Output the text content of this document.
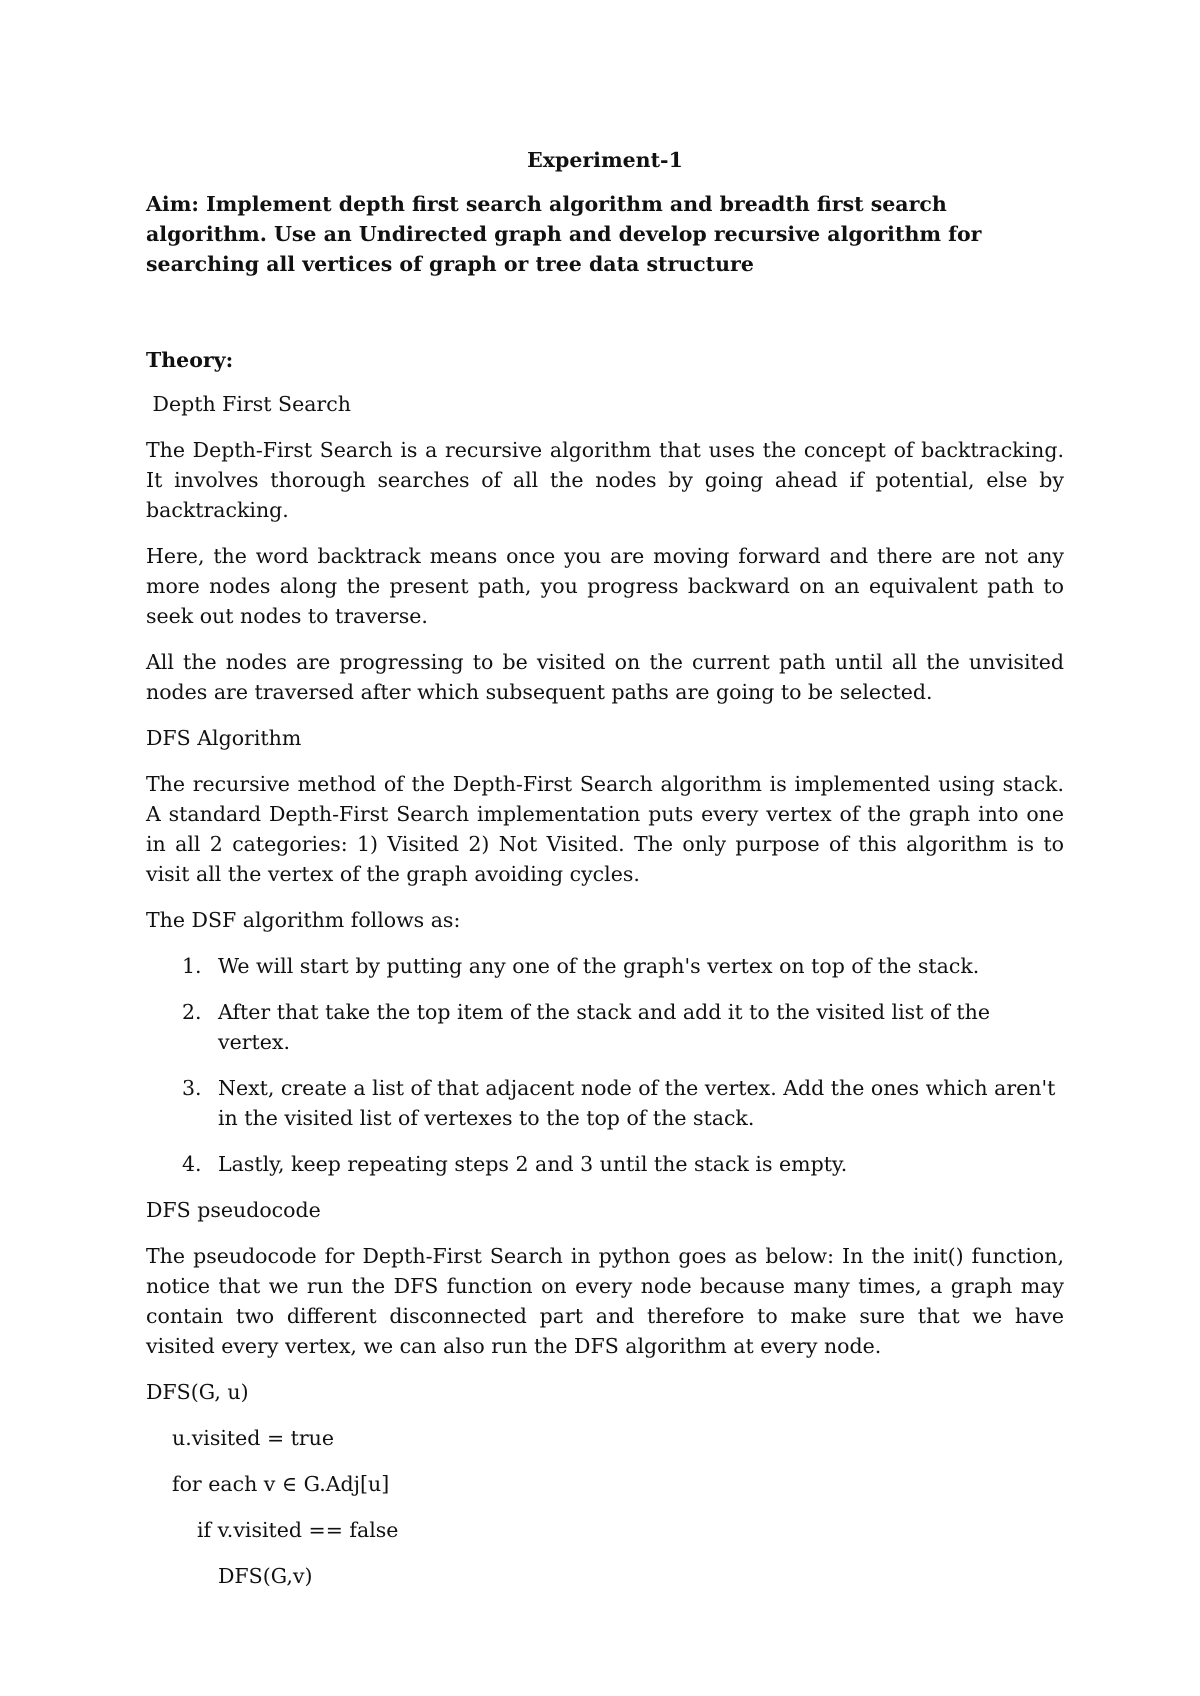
Experiment-1
Aim: Implement depth first search algorithm and breadth first search algorithm. Use an Undirected graph and develop recursive algorithm for searching all vertices of graph or tree data structure
Theory:
Depth First Search

The Depth-First Search is a recursive algorithm that uses the concept of backtracking. It involves thorough searches of all the nodes by going ahead if potential, else by backtracking.

Here, the word backtrack means once you are moving forward and there are not any more nodes along the present path, you progress backward on an equivalent path to seek out nodes to traverse.

All the nodes are progressing to be visited on the current path until all the unvisited nodes are traversed after which subsequent paths are going to be selected.

DFS Algorithm

The recursive method of the Depth-First Search algorithm is implemented using stack. A standard Depth-First Search implementation puts every vertex of the graph into one in all 2 categories: 1) Visited 2) Not Visited. The only purpose of this algorithm is to visit all the vertex of the graph avoiding cycles.

The DSF algorithm follows as:
1. We will start by putting any one of the graph's vertex on top of the stack.
2. After that take the top item of the stack and add it to the visited list of the vertex.
3. Next, create a list of that adjacent node of the vertex. Add the ones which aren't in the visited list of vertexes to the top of the stack.
4. Lastly, keep repeating steps 2 and 3 until the stack is empty.
DFS pseudocode

The pseudocode for Depth-First Search in python goes as below: In the init() function, notice that we run the DFS function on every node because many times, a graph may contain two different disconnected part and therefore to make sure that we have visited every vertex, we can also run the DFS algorithm at every node.

DFS(G, u)
u.visited = true
for each v ∈ G.Adj[u]
if v.visited == false
DFS(G,v)
